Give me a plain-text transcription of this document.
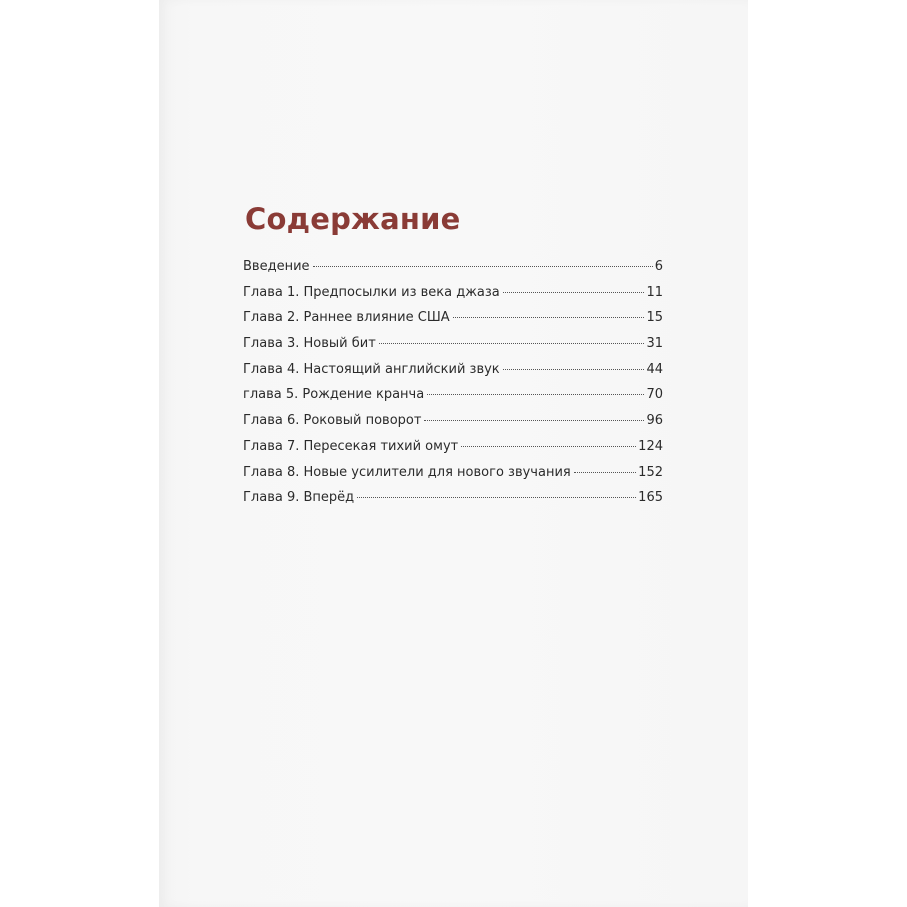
Содержание
Введение	6
Глава 1. Предпосылки из века джаза	11
Глава 2. Раннее влияние США	15
Глава 3. Новый бит	31
Глава 4. Настоящий английский звук	44
глава 5. Рождение кранча	70
Глава 6. Роковый поворот	96
Глава 7. Пересекая тихий омут	124
Глава 8. Новые усилители для нового звучания	152
Глава 9. Вперёд	165
